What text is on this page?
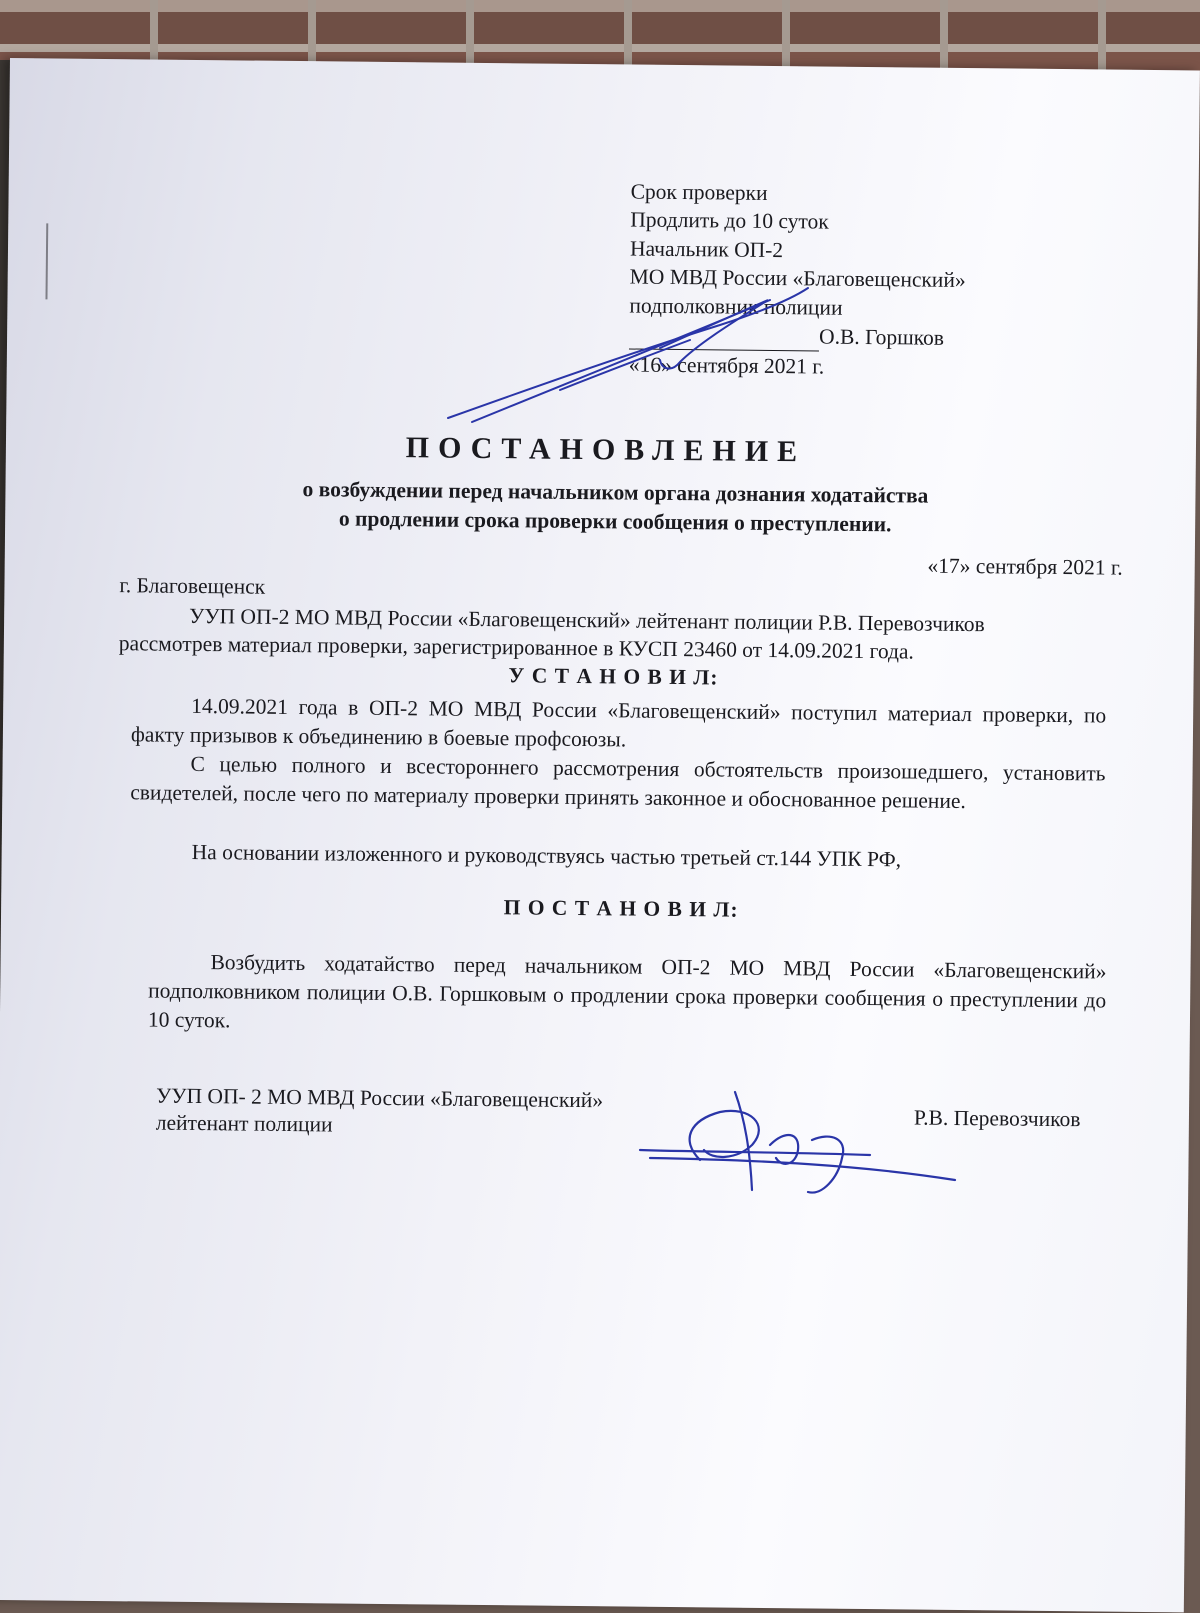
Срок проверки
Продлить до 10 суток
Начальник ОП-2
МО МВД России «Благовещенский»
подполковник полиции
О.В. Горшков
«16» сентября 2021 г.
ПОСТАНОВЛЕНИЕ
о возбуждении перед начальником органа дознания ходатайства
о продлении срока проверки сообщения о преступлении.
«17» сентября 2021 г.
г. Благовещенск
УУП ОП-2 МО МВД России «Благовещенский» лейтенант полиции Р.В. Перевозчиков
рассмотрев материал проверки, зарегистрированное в КУСП 23460 от 14.09.2021 года.
У С Т А Н О В И Л:
14.09.2021 года в ОП-2 МО МВД России «Благовещенский» поступил материал проверки, по факту призывов к объединению в боевые профсоюзы.
С целью полного и всестороннего рассмотрения обстоятельств произошедшего, установить свидетелей, после чего по материалу проверки принять законное и обоснованное решение.
На основании изложенного и руководствуясь частью третьей ст.144 УПК РФ,
П О С Т А Н О В И Л:
Возбудить ходатайство перед начальником ОП-2 МО МВД России «Благовещенский» подполковником полиции О.В. Горшковым о продлении срока проверки сообщения о преступлении до 10 суток.
УУП ОП- 2 МО МВД России «Благовещенский»
лейтенант полиции	Р.В. Перевозчиков
